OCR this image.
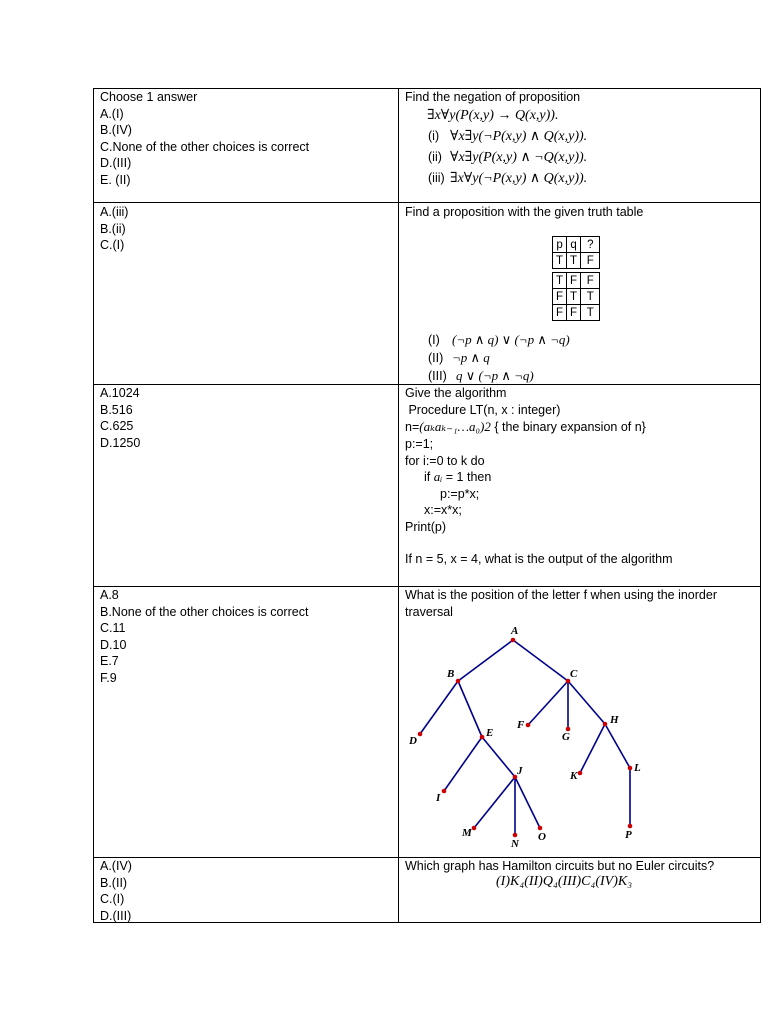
Choose 1 answer
A.(I)
B.(IV)
C.None of the other choices is correct
D.(III)
E. (II)
Find the negation of proposition
∃x∀y(P(x,y) → Q(x,y)).
(i) ∀x∃y(¬P(x,y) ∧ Q(x,y)).
(ii) ∀x∃y(P(x,y) ∧ ¬Q(x,y)).
(iii) ∃x∀y(¬P(x,y) ∧ Q(x,y)).
A.(iii)
B.(ii)
C.(I)
Find a proposition with the given truth table
p	q	?
T	T	F

T	F	F
F	T	T
F	F	T
(I) (¬p ∧ q) ∨ (¬p ∧ ¬q)
(II) ¬p ∧ q
(III) q ∨ (¬p ∧ ¬q)
A.1024
B.516
C.625
D.1250
Give the algorithm
Procedure LT(n, x : integer)
n=(aₖaₖ₋₁…a₀)2 { the binary expansion of n}
p:=1;
for i:=0 to k do
if aᵢ = 1 then
p:=p*x;
x:=x*x;
Print(p)
If n = 5, x = 4, what is the output of the algorithm
A.8
B.None of the other choices is correct
C.11
D.10
E.7
F.9
What is the position of the letter f when using the inorder
traversal
A
B	C
D
E
F
G
H
I
J	K
L
M
N
O	P
A.(IV)
B.(II)
C.(I)
D.(III)
Which graph has Hamilton circuits but no Euler circuits?
(I)K₄(II)Q₄(III)C₄(IV)K₃
